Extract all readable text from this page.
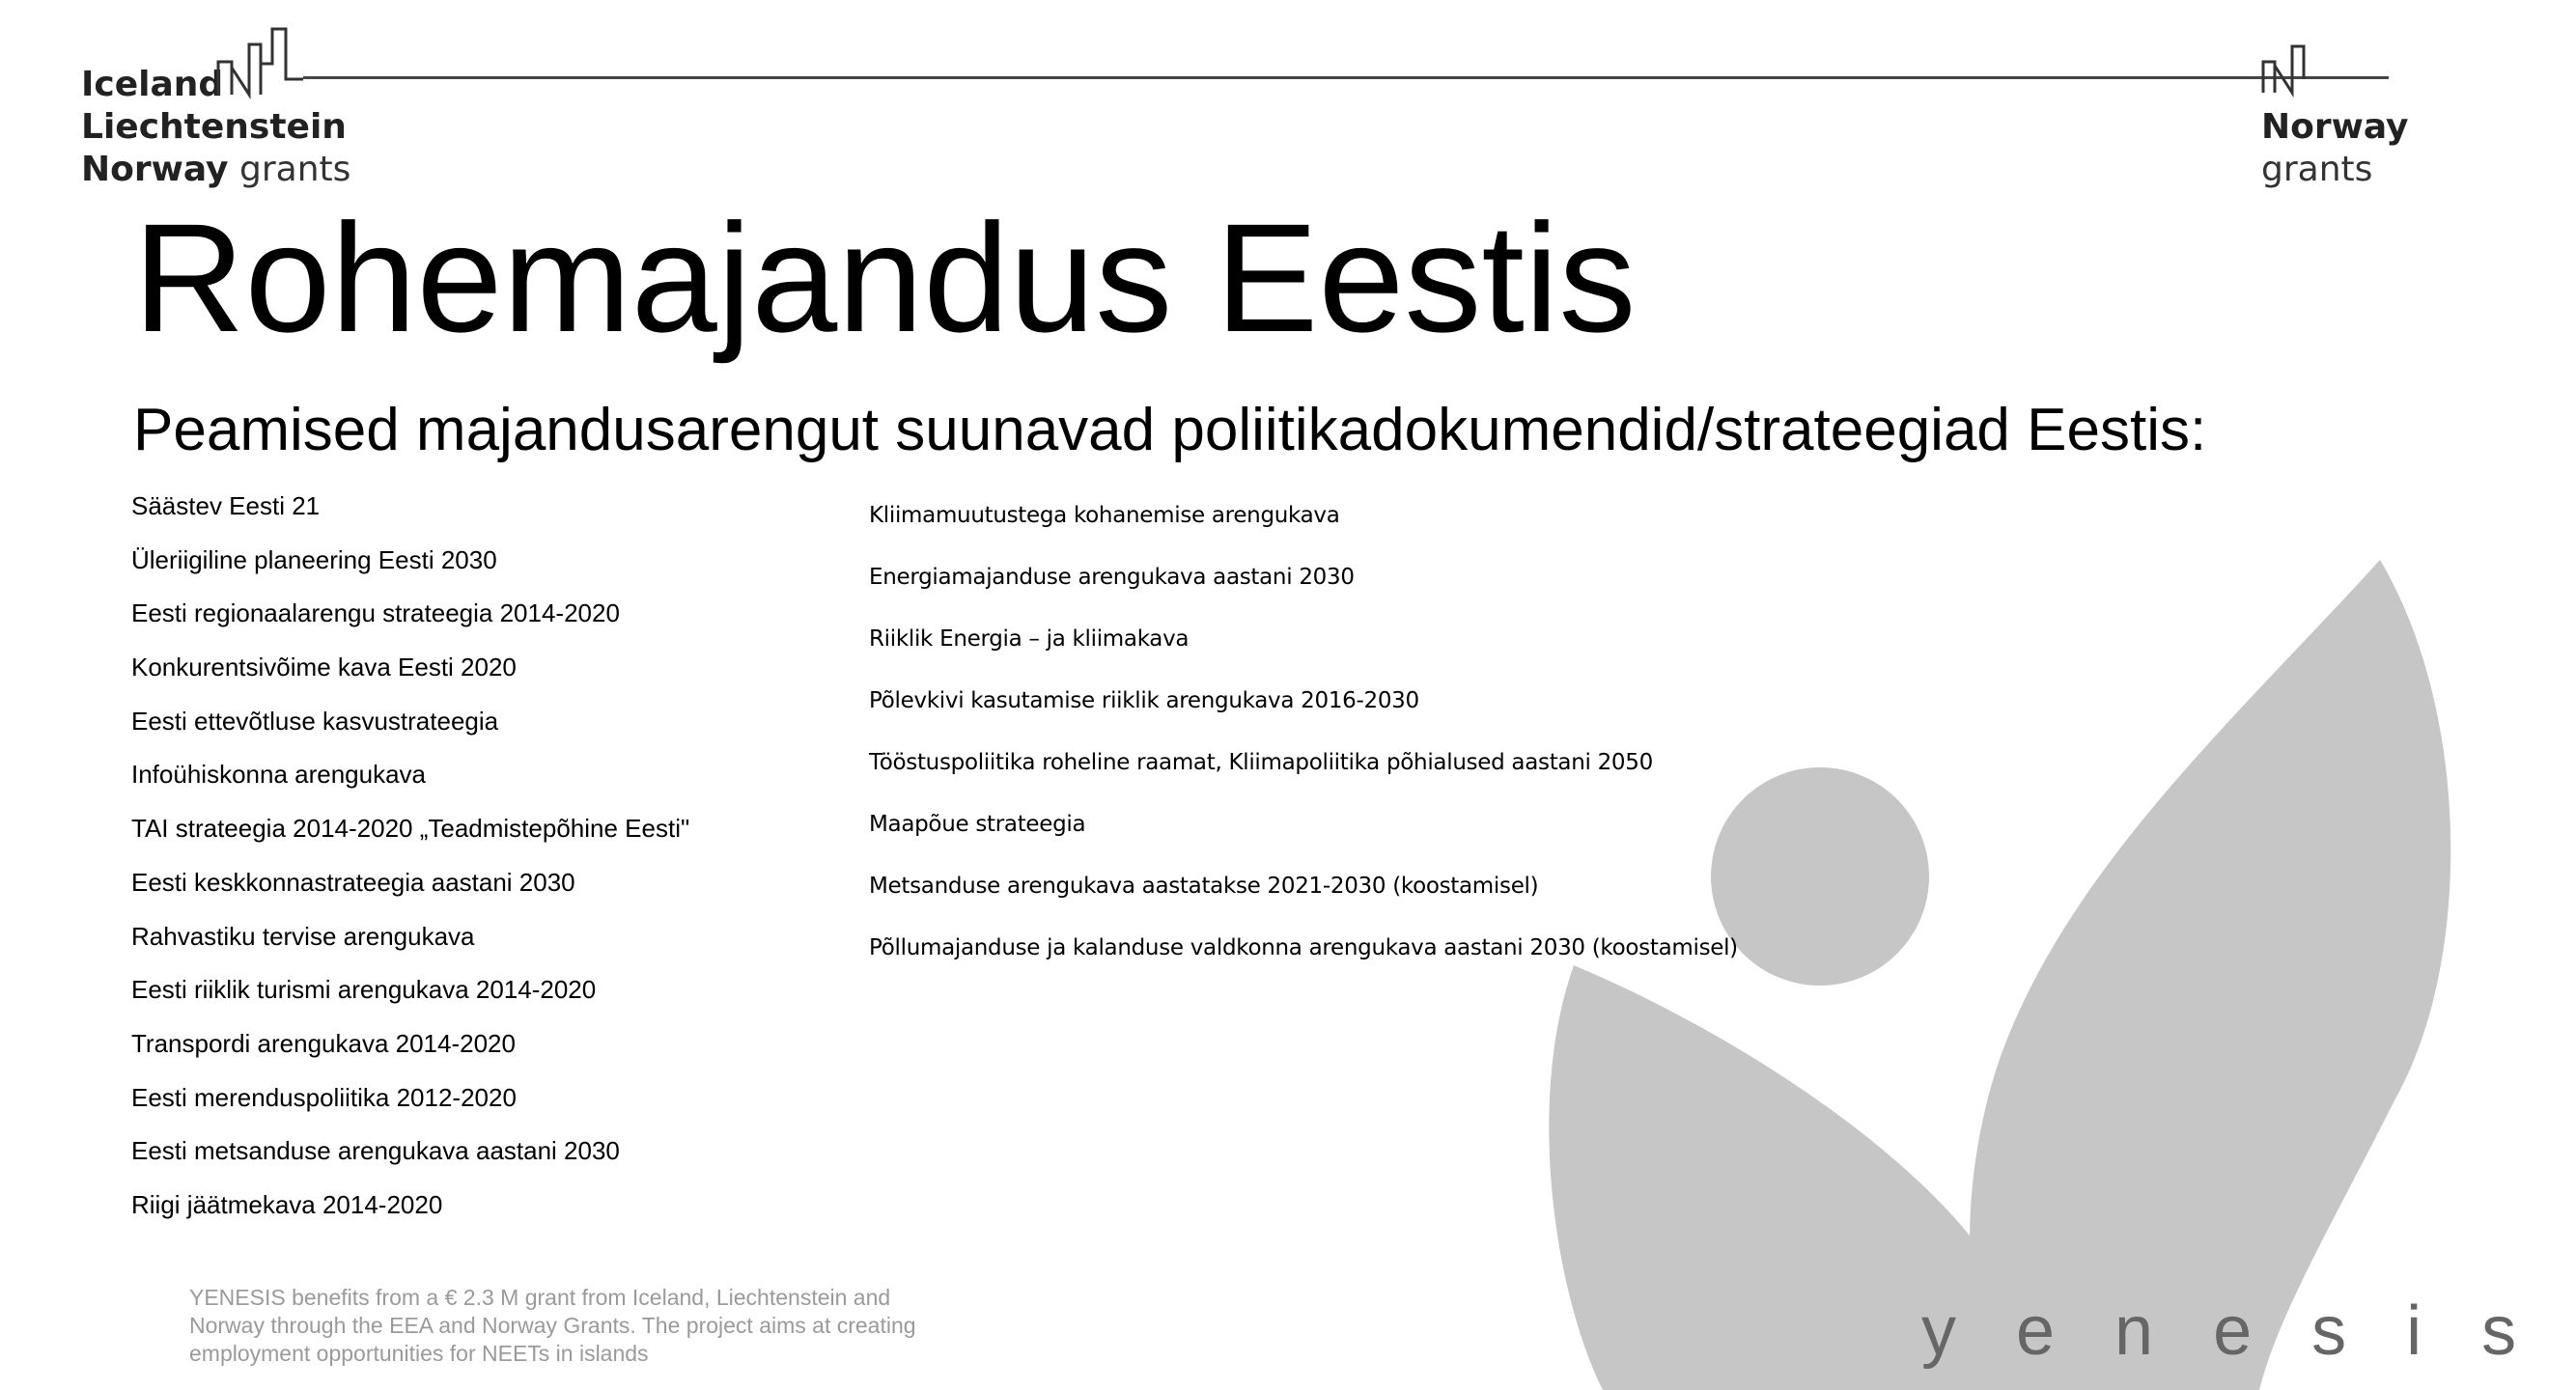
Iceland
Liechtenstein
Norway grants
Norway
grants
Rohemajandus Eestis
Peamised majandusarengut suunavad poliitikadokumendid/strateegiad Eestis:
Säästev Eesti 21
Üleriigiline planeering Eesti 2030
Eesti regionaalarengu strateegia 2014-2020
Konkurentsivõime kava Eesti 2020
Eesti ettevõtluse kasvustrateegia
Infoühiskonna arengukava
TAI strateegia 2014-2020 „Teadmistepõhine Eesti"
Eesti keskkonnastrateegia aastani 2030
Rahvastiku tervise arengukava
Eesti riiklik turismi arengukava 2014-2020
Transpordi arengukava 2014-2020
Eesti merenduspoliitika 2012-2020
Eesti metsanduse arengukava aastani 2030
Riigi jäätmekava 2014-2020
Kliimamuutustega kohanemise arengukava
Energiamajanduse arengukava aastani 2030
Riiklik Energia – ja kliimakava
Põlevkivi kasutamise riiklik arengukava 2016-2030
Tööstuspoliitika roheline raamat, Kliimapoliitika põhialused aastani 2050
Maapõue strateegia
Metsanduse arengukava aastatakse 2021-2030 (koostamisel)
Põllumajanduse ja kalanduse valdkonna arengukava aastani 2030 (koostamisel)
YENESIS benefits from a € 2.3 M grant from Iceland, Liechtenstein and Norway through the EEA and Norway Grants. The project aims at creating employment opportunities for NEETs in islands	yenesis
